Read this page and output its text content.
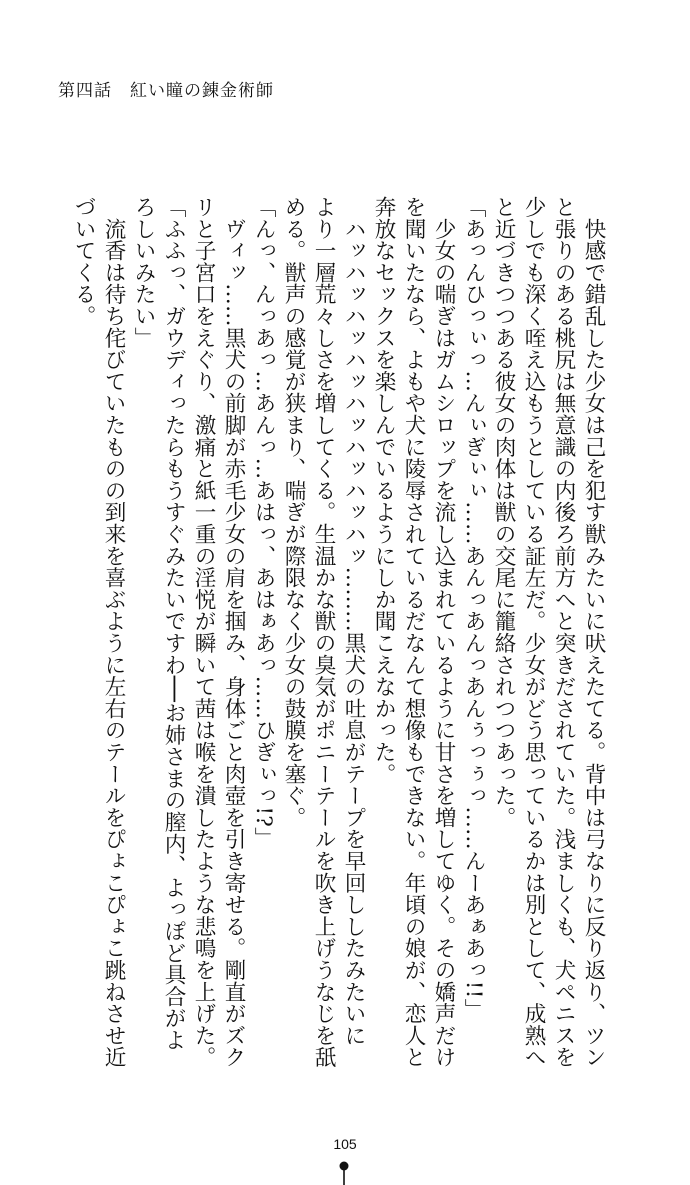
第四話　紅い瞳の錬金術師
　快感で錯乱した少女は己を犯す獣みたいに吠えたてる。背中は弓なりに反り返り、ツン
と張りのある桃尻は無意識の内後ろ前方へと突きだされていた。浅ましくも、犬ペニスを
少しでも深く咥え込もうとしている証左だ。少女がどう思っているかは別として、成熟へ
と近づきつつある彼女の肉体は獣の交尾に籠絡されつつあった。
「あっんひっぃっ…んぃぎぃぃ……あんっあんっあんぅっぅっ……んーあぁあっ!!」
　少女の喘ぎはガムシロップを流し込まれているように甘さを増してゆく。その嬌声だけ
を聞いたなら、よもや犬に陵辱されているだなんて想像もできない。年頃の娘が、恋人と
奔放なセックスを楽しんでいるようにしか聞こえなかった。
　ハッハッハッハッハッハッハッハッ………黒犬の吐息がテープを早回ししたみたいに
より一層荒々しさを増してくる。生温かな獣の臭気がポニーテールを吹き上げうなじを舐
める。獣声の感覚が狭まり、喘ぎが際限なく少女の鼓膜を塞ぐ。
「んっ、んっあっ…あんっ…あはっ、あはぁあっ……ひぎぃっ!?」
　ヴィッ……黒犬の前脚が赤毛少女の肩を掴み、身体ごと肉壺を引き寄せる。剛直がズク
リと子宮口をえぐり、激痛と紙一重の淫悦が瞬いて茜は喉を潰したような悲鳴を上げた。
「ふふっ、ガウディったらもうすぐみたいですわ──お姉さまの膣内、よっぽど具合がよ
ろしいみたい」
　流香は待ち侘びていたものの到来を喜ぶように左右のテールをぴょこぴょこ跳ねさせ近
づいてくる。
105
